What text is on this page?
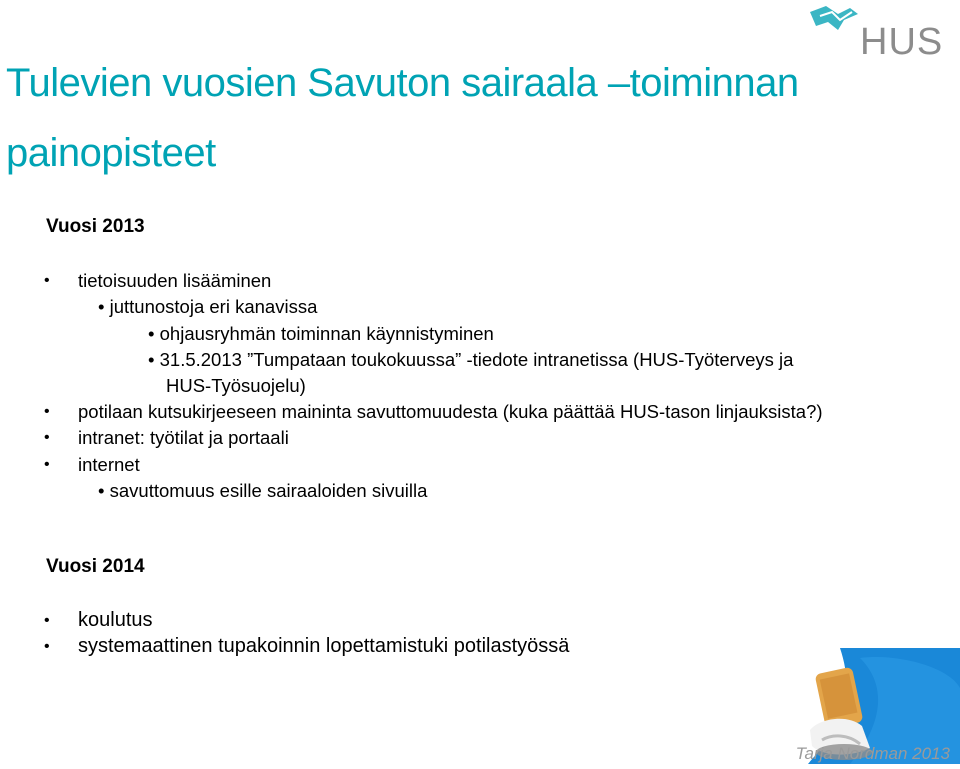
HUS
Tulevien vuosien Savuton sairaala –toiminnan painopisteet
Vuosi 2013
• tietoisuuden lisääminen
• juttunostoja eri kanavissa
• ohjausryhmän toiminnan käynnistyminen
• 31.5.2013 ”Tumpataan toukokuussa” -tiedote intranetissa (HUS-Työterveys ja
HUS-Työsuojelu)
• potilaan kutsukirjeeseen maininta savuttomuudesta (kuka päättää HUS-tason linjauksista?)
• intranet: työtilat ja portaali
• internet
• savuttomuus esille sairaaloiden sivuilla
Vuosi 2014
• koulutus
• systemaattinen tupakoinnin lopettamistuki potilastyössä

Tarja Nordman 2013
